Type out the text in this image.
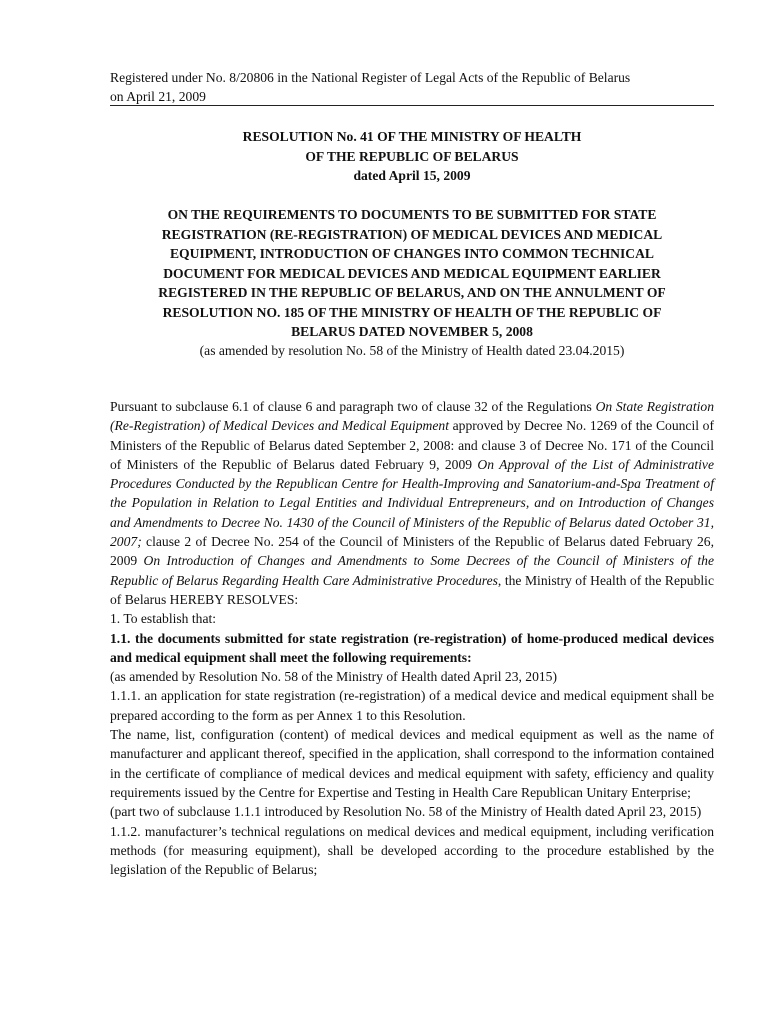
Registered under No. 8/20806 in the National Register of Legal Acts of the Republic of Belarus
on April 21, 2009
RESOLUTION No. 41 OF THE MINISTRY OF HEALTH
OF THE REPUBLIC OF BELARUS
dated April 15, 2009
ON THE REQUIREMENTS TO DOCUMENTS TO BE SUBMITTED FOR STATE
REGISTRATION (RE-REGISTRATION) OF MEDICAL DEVICES AND MEDICAL
EQUIPMENT, INTRODUCTION OF CHANGES INTO COMMON TECHNICAL
DOCUMENT FOR MEDICAL DEVICES AND MEDICAL EQUIPMENT EARLIER
REGISTERED IN THE REPUBLIC OF BELARUS, AND ON THE ANNULMENT OF
RESOLUTION NO. 185 OF THE MINISTRY OF HEALTH OF THE REPUBLIC OF
BELARUS DATED NOVEMBER 5, 2008
(as amended by resolution No. 58 of the Ministry of Health dated 23.04.2015)

Pursuant to subclause 6.1 of clause 6 and paragraph two of clause 32 of the Regulations On State Registration (Re-Registration) of Medical Devices and Medical Equipment approved by Decree No. 1269 of the Council of Ministers of the Republic of Belarus dated September 2, 2008: and clause 3 of Decree No. 171 of the Council of Ministers of the Republic of Belarus dated February 9, 2009 On Approval of the List of Administrative Procedures Conducted by the Republican Centre for Health-Improving and Sanatorium-and-Spa Treatment of the Population in Relation to Legal Entities and Individual Entrepreneurs, and on Introduction of Changes and Amendments to Decree No. 1430 of the Council of Ministers of the Republic of Belarus dated October 31, 2007; clause 2 of Decree No. 254 of the Council of Ministers of the Republic of Belarus dated February 26, 2009 On Introduction of Changes and Amendments to Some Decrees of the Council of Ministers of the Republic of Belarus Regarding Health Care Administrative Procedures, the Ministry of Health of the Republic of Belarus HEREBY RESOLVES:

1. To establish that:

1.1. the documents submitted for state registration (re-registration) of home-produced medical devices and medical equipment shall meet the following requirements:

(as amended by Resolution No. 58 of the Ministry of Health dated April 23, 2015)

1.1.1. an application for state registration (re-registration) of a medical device and medical equipment shall be prepared according to the form as per Annex 1 to this Resolution.

The name, list, configuration (content) of medical devices and medical equipment as well as the name of manufacturer and applicant thereof, specified in the application, shall correspond to the information contained in the certificate of compliance of medical devices and medical equipment with safety, efficiency and quality requirements issued by the Centre for Expertise and Testing in Health Care Republican Unitary Enterprise;

(part two of subclause 1.1.1 introduced by Resolution No. 58 of the Ministry of Health dated April 23, 2015)

1.1.2. manufacturer’s technical regulations on medical devices and medical equipment, including verification methods (for measuring equipment), shall be developed according to the procedure established by the legislation of the Republic of Belarus;
